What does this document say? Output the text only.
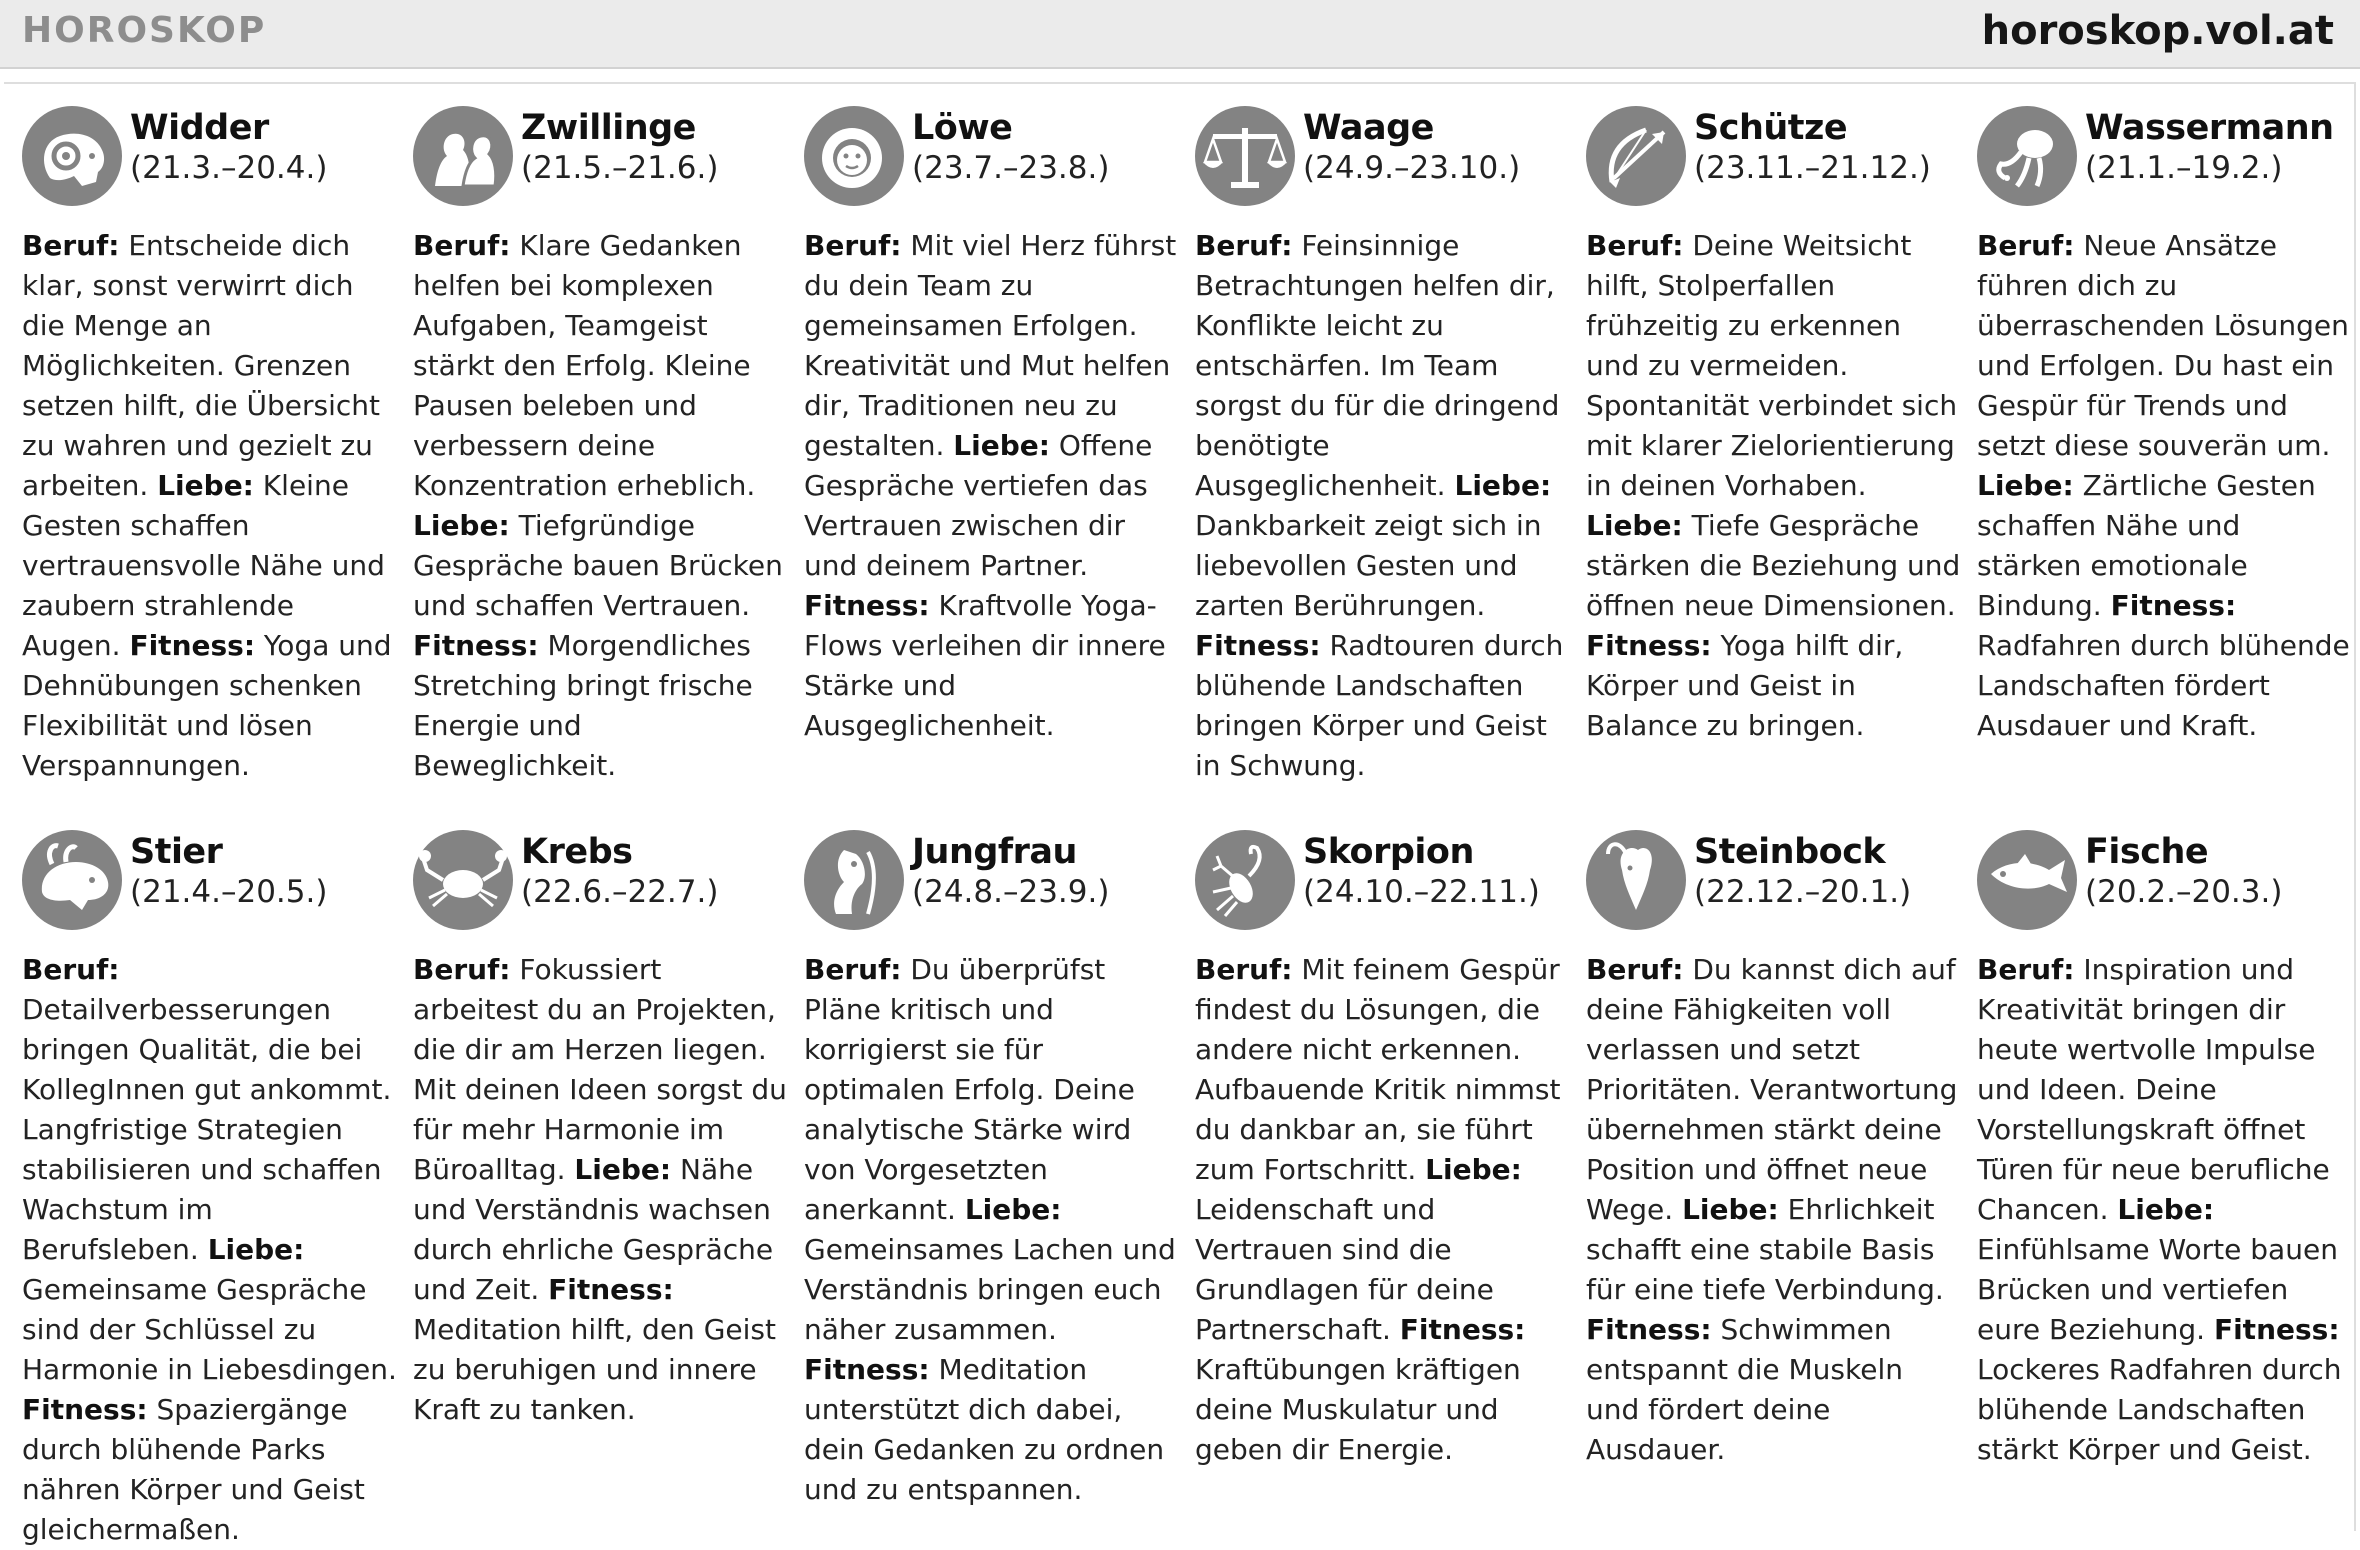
HOROSKOP	horoskop.vol.at
Widder
(21.3.–20.4.)
Beruf: Entscheide dich klar, sonst verwirrt dich die Menge an Möglichkeiten. Grenzen setzen hilft, die Übersicht zu wahren und gezielt zu arbeiten. Liebe: Kleine Gesten schaffen vertrauensvolle Nähe und zaubern strahlende Augen. Fitness: Yoga und Dehnübungen schenken Flexibilität und lösen Verspannungen.
Zwillinge
(21.5.–21.6.)
Beruf: Klare Gedanken helfen bei komplexen Aufgaben, Teamgeist stärkt den Erfolg. Kleine Pausen beleben und verbessern deine Konzentration erheblich. Liebe: Tiefgründige Gespräche bauen Brücken und schaffen Vertrauen. Fitness: Morgendliches Stretching bringt frische Energie und Beweglichkeit.
Löwe
(23.7.–23.8.)
Beruf: Mit viel Herz führst du dein Team zu gemeinsamen Erfolgen. Kreativität und Mut helfen dir, Traditionen neu zu gestalten. Liebe: Offene Gespräche vertiefen das Vertrauen zwischen dir und deinem Partner. Fitness: Kraftvolle Yoga-Flows verleihen dir innere Stärke und Ausgeglichenheit.
Waage
(24.9.–23.10.)
Beruf: Feinsinnige Betrachtungen helfen dir, Konflikte leicht zu entschärfen. Im Team sorgst du für die dringend benötigte Ausgeglichenheit. Liebe: Dankbarkeit zeigt sich in liebevollen Gesten und zarten Berührungen. Fitness: Radtouren durch blühende Landschaften bringen Körper und Geist in Schwung.
Schütze
(23.11.–21.12.)
Beruf: Deine Weitsicht hilft, Stolperfallen frühzeitig zu erkennen und zu vermeiden. Spontanität verbindet sich mit klarer Zielorientierung in deinen Vorhaben. Liebe: Tiefe Gespräche stärken die Beziehung und öffnen neue Dimensionen. Fitness: Yoga hilft dir, Körper und Geist in Balance zu bringen.
Wassermann
(21.1.–19.2.)
Beruf: Neue Ansätze führen dich zu überraschenden Lösungen und Erfolgen. Du hast ein Gespür für Trends und setzt diese souverän um. Liebe: Zärtliche Gesten schaffen Nähe und stärken emotionale Bindung. Fitness: Radfahren durch blühende Landschaften fördert Ausdauer und Kraft.
Stier
(21.4.–20.5.)
Beruf: Detailverbesserungen bringen Qualität, die bei KollegInnen gut ankommt. Langfristige Strategien stabilisieren und schaffen Wachstum im Berufsleben. Liebe: Gemeinsame Gespräche sind der Schlüssel zu Harmonie in Liebesdingen. Fitness: Spaziergänge durch blühende Parks nähren Körper und Geist gleichermaßen.
Krebs
(22.6.–22.7.)
Beruf: Fokussiert arbeitest du an Projekten, die dir am Herzen liegen. Mit deinen Ideen sorgst du für mehr Harmonie im Büroalltag. Liebe: Nähe und Verständnis wachsen durch ehrliche Gespräche und Zeit. Fitness: Meditation hilft, den Geist zu beruhigen und innere Kraft zu tanken.
Jungfrau
(24.8.–23.9.)
Beruf: Du überprüfst Pläne kritisch und korrigierst sie für optimalen Erfolg. Deine analytische Stärke wird von Vorgesetzten anerkannt. Liebe: Gemeinsames Lachen und Verständnis bringen euch näher zusammen. Fitness: Meditation unterstützt dich dabei, dein Gedanken zu ordnen und zu entspannen.
Skorpion
(24.10.–22.11.)
Beruf: Mit feinem Gespür findest du Lösungen, die andere nicht erkennen. Aufbauende Kritik nimmst du dankbar an, sie führt zum Fortschritt. Liebe: Leidenschaft und Vertrauen sind die Grundlagen für deine Partnerschaft. Fitness: Kraftübungen kräftigen deine Muskulatur und geben dir Energie.
Steinbock
(22.12.–20.1.)
Beruf: Du kannst dich auf deine Fähigkeiten voll verlassen und setzt Prioritäten. Verantwortung übernehmen stärkt deine Position und öffnet neue Wege. Liebe: Ehrlichkeit schafft eine stabile Basis für eine tiefe Verbindung. Fitness: Schwimmen entspannt die Muskeln und fördert deine Ausdauer.
Fische
(20.2.–20.3.)
Beruf: Inspiration und Kreativität bringen dir heute wertvolle Impulse und Ideen. Deine Vorstellungskraft öffnet Türen für neue berufliche Chancen. Liebe: Einfühlsame Worte bauen Brücken und vertiefen eure Beziehung. Fitness: Lockeres Radfahren durch blühende Landschaften stärkt Körper und Geist.
